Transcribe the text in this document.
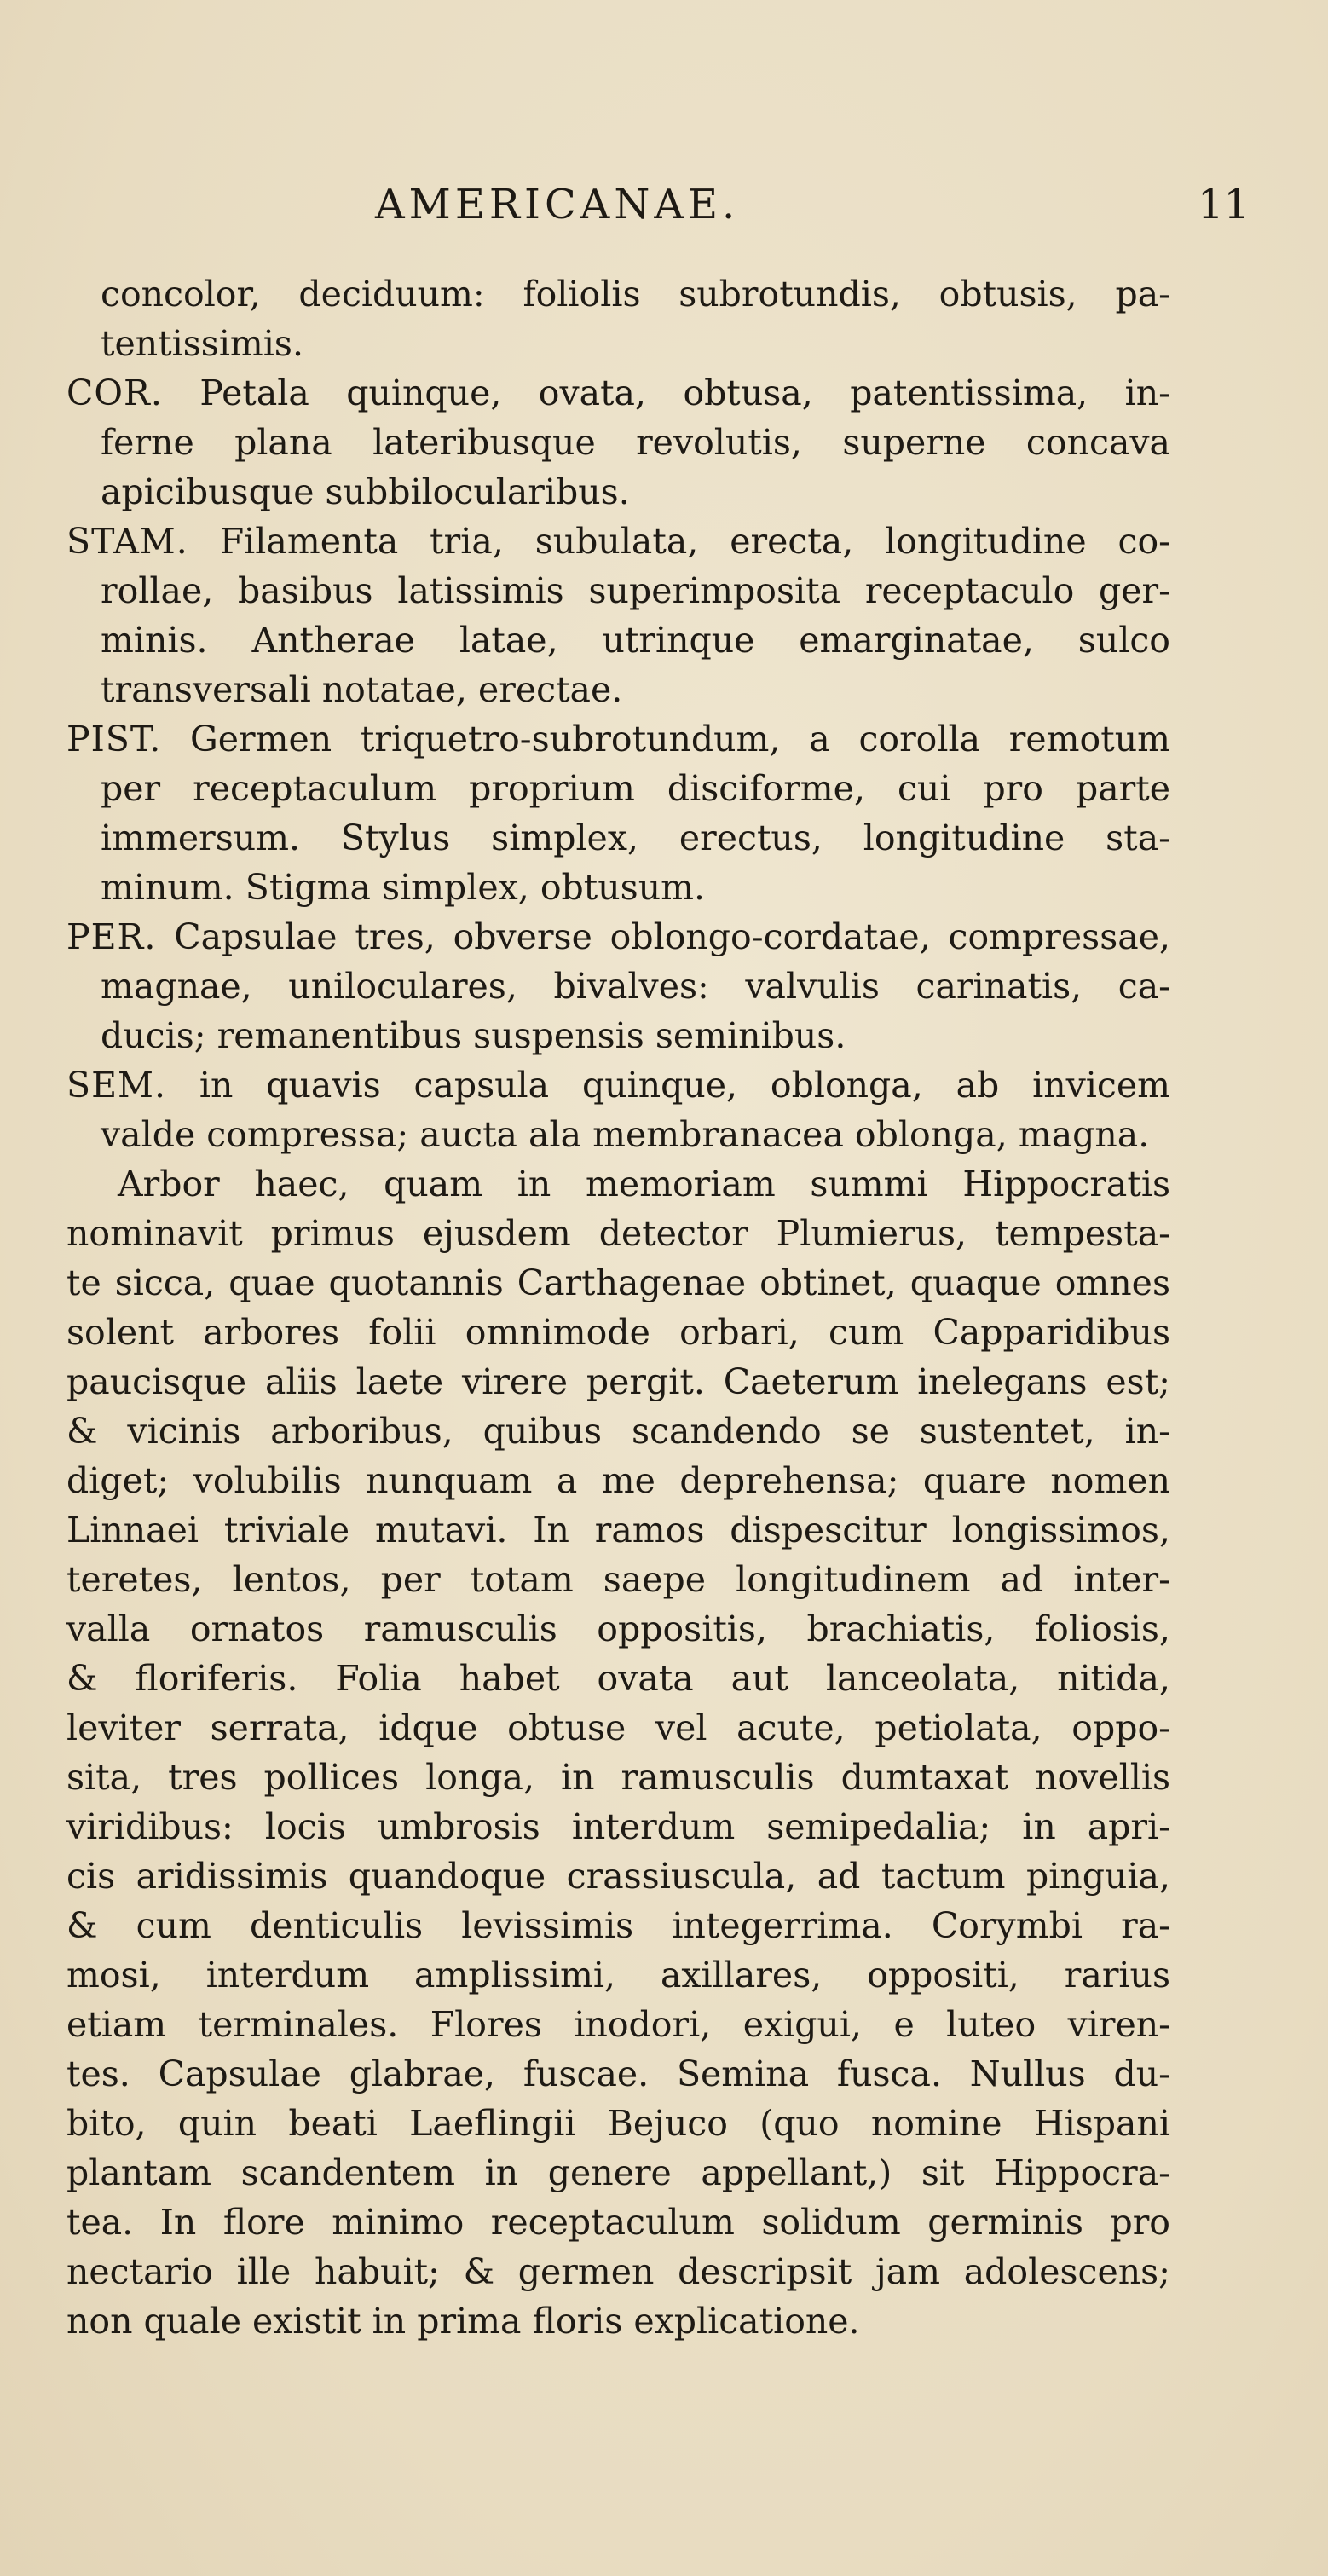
AMERICANAE.	11
concolor, deciduum: foliolis subrotundis, obtusis, pa-
tentissimis.
COR. Petala quinque, ovata, obtusa, patentissima, in-
ferne plana lateribusque revolutis, superne concava
apicibusque subbilocularibus.
STAM. Filamenta tria, subulata, erecta, longitudine co-
rollae, basibus latissimis superimposita receptaculo ger-
minis. Antherae latae, utrinque emarginatae, sulco
transversali notatae, erectae.
PIST. Germen triquetro-subrotundum, a corolla remotum
per receptaculum proprium disciforme, cui pro parte
immersum. Stylus simplex, erectus, longitudine sta-
minum. Stigma simplex, obtusum.
PER. Capsulae tres, obverse oblongo-cordatae, compressae,
magnae, uniloculares, bivalves: valvulis carinatis, ca-
ducis; remanentibus suspensis seminibus.
SEM. in quavis capsula quinque, oblonga, ab invicem
valde compressa; aucta ala membranacea oblonga, magna.
Arbor haec, quam in memoriam summi Hippocratis
nominavit primus ejusdem detector Plumierus, tempesta-
te sicca, quae quotannis Carthagenae obtinet, quaque omnes
solent arbores folii omnimode orbari, cum Capparidibus
paucisque aliis laete virere pergit. Caeterum inelegans est;
& vicinis arboribus, quibus scandendo se sustentet, in-
diget; volubilis nunquam a me deprehensa; quare nomen
Linnaei triviale mutavi. In ramos dispescitur longissimos,
teretes, lentos, per totam saepe longitudinem ad inter-
valla ornatos ramusculis oppositis, brachiatis, foliosis,
& floriferis. Folia habet ovata aut lanceolata, nitida,
leviter serrata, idque obtuse vel acute, petiolata, oppo-
sita, tres pollices longa, in ramusculis dumtaxat novellis
viridibus: locis umbrosis interdum semipedalia; in apri-
cis aridissimis quandoque crassiuscula, ad tactum pinguia,
& cum denticulis levissimis integerrima. Corymbi ra-
mosi, interdum amplissimi, axillares, oppositi, rarius
etiam terminales. Flores inodori, exigui, e luteo viren-
tes. Capsulae glabrae, fuscae. Semina fusca. Nullus du-
bito, quin beati Laeflingii Bejuco (quo nomine Hispani
plantam scandentem in genere appellant,) sit Hippocra-
tea. In flore minimo receptaculum solidum germinis pro
nectario ille habuit; & germen descripsit jam adolescens;
non quale existit in prima floris explicatione.
